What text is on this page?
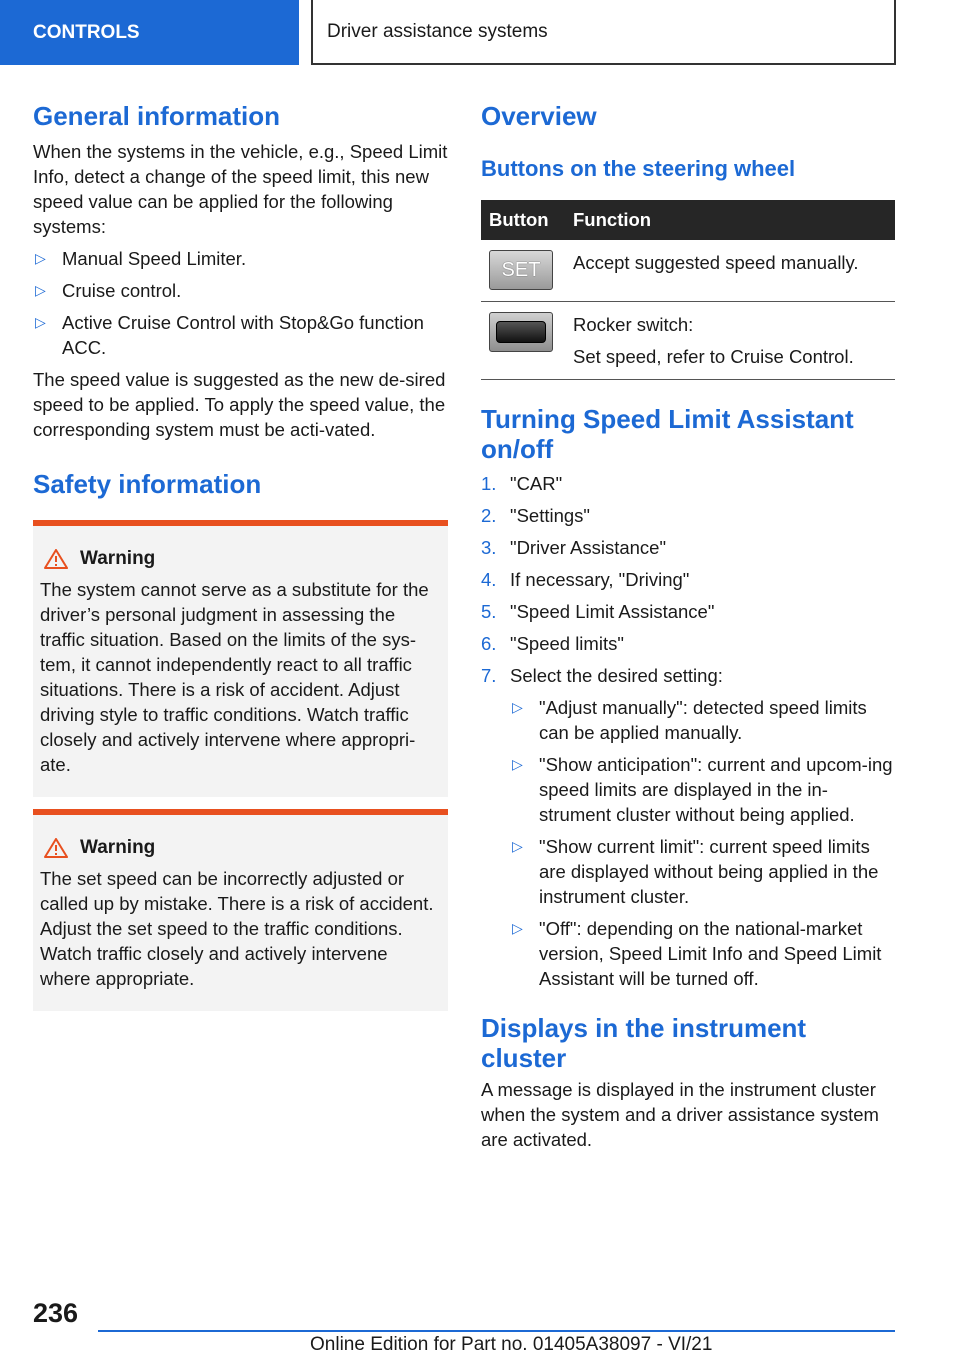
CONTROLS	Driver assistance systems
General information

When the systems in the vehicle, e.g., Speed Limit Info, detect a change of the speed limit, this new speed value can be applied for the following systems:

▷ Manual Speed Limiter.
▷ Cruise control.
▷ Active Cruise Control with Stop&Go function ACC.

The speed value is suggested as the new de-sired speed to be applied. To apply the speed value, the corresponding system must be acti-vated.

Safety information
Warning

The system cannot serve as a substitute for the driver’s personal judgment in assessing the traffic situation. Based on the limits of the sys-tem, it cannot independently react to all traffic situations. There is a risk of accident. Adjust driving style to traffic conditions. Watch traffic closely and actively intervene where appropri-ate.

Warning

The set speed can be incorrectly adjusted or called up by mistake. There is a risk of accident. Adjust the set speed to the traffic conditions. Watch traffic closely and actively intervene where appropriate.

Overview
Buttons on the steering wheel
Button	Function

SET	Accept suggested speed manually.

	Rocker switch:
Set speed, refer to Cruise Control.
Turning Speed Limit Assistant on/off
1. "CAR"
2. "Settings"
3. "Driver Assistance"
4. If necessary, "Driving"
5. "Speed Limit Assistance"
6. "Speed limits"
7. Select the desired setting:
▷ "Adjust manually": detected speed limits can be applied manually.
▷ "Show anticipation": current and upcom-ing speed limits are displayed in the in-strument cluster without being applied.
▷ "Show current limit": current speed limits are displayed without being applied in the instrument cluster.
▷ "Off": depending on the national-market version, Speed Limit Info and Speed Limit Assistant will be turned off.
Displays in the instrument cluster

A message is displayed in the instrument cluster when the system and a driver assistance system are activated.

236
Online Edition for Part no. 01405A38097 - VI/21
